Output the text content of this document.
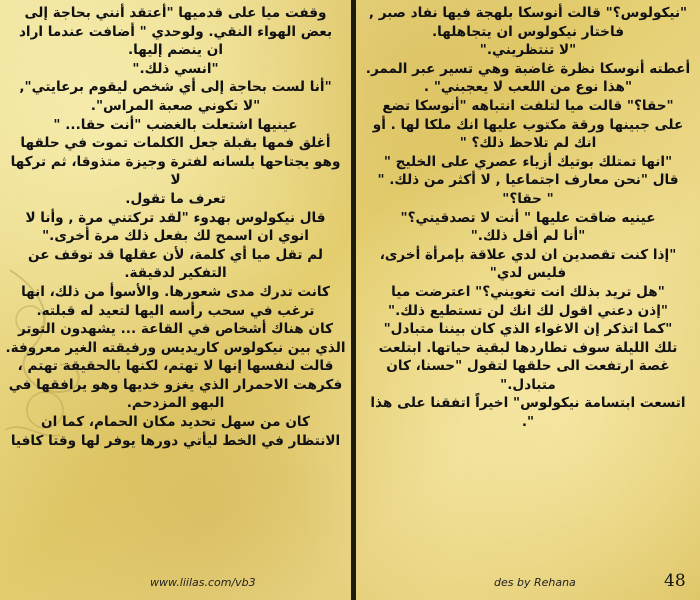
"نيكولوس؟" قالت أنوسكا بلهجة فيها نفاد صبر ,

فاختار نيكولوس ان يتجاهلها.

"لا تنتظريني."

أعطته أنوسكا نظرة غاضبة وهي تسير عبر الممر.

"هذا نوع من اللعب لا يعجبني" .

"حقا؟" قالت ميا لتلفت انتباهه "أنوسكا تضع

على جبينها ورقة مكتوب عليها انك ملكا لها . أو

انك لم تلاحظ ذلك؟ "

"انها تمتلك بوتيك أزياء عصري على الخليج "

قال "نحن معارف اجتماعيا , لا أكثر من ذلك. "

" حقا؟"

عينيه ضاقت عليها " أنت لا تصدقيني؟"

"أنا لم أقل ذلك."

"إذا كنت تقصدين ان لدي علاقة بإمرأة أخرى،

فليس لدي"

"هل تريد بذلك انت تغويني؟" اعترضت ميا

"إذن دعني اقول لك انك لن تستطيع ذلك."

"كما اتذكر إن الاغواء الذي كان بيننا متبادل"

تلك الليلة سوف تطاردها لبقية حياتها. ابتلعت

غصة ارتفعت الى حلقها لتقول "حسنا، كان

متبادل."

اتسعت ابتسامة نيكولوس" اخيراً اتفقنا على هذا

".

وقفت ميا على قدميها "أعتقد أنني بحاجة إلى

بعض الهواء النقي. ولوحدي " أضافت عندما اراد

ان ينضم إليها.

"انسي ذلك."

"أنا لست بحاجة إلى أي شخص ليقوم برعايتي",

"لا تكوني صعبة المراس".

عينيها اشتعلت بالغضب "أنت حقا... "

أغلق فمها بقبلة جعل الكلمات تموت في حلقها

وهو يجتاحها بلسانه لفترة وجيزة متذوقا، ثم تركها لا

تعرف ما تقول.

قال نيكولوس بهدوء "لقد تركتني مرة , وأنا لا

انوي ان اسمح لك بفعل ذلك مرة أخرى."

لم تقل ميا أي كلمة، لأن عقلها قد توقف عن

التفكير لدقيقة.

كانت تدرك مدى شعورها. والأسوأ من ذلك، انها

ترغب في سحب رأسه اليها لتعيد له قبلته.

كان هناك أشخاص في القاعة ... يشهدون التوتر

الذي بين نيكولوس كاريديس ورفيقته الغير معروفة.

قالت لنفسها إنها لا تهتم، لكنها بالحقيقة تهتم ،

فكرهت الاحمرار الذي يغزو خديها وهو يرافقها في

البهو المزدحم.

كان من سهل تحديد مكان الحمام، كما ان

الانتظار في الخط ليأتي دورها يوفر لها وقتا كافيا

www.liilas.com/vb3	des by Rehana	48
